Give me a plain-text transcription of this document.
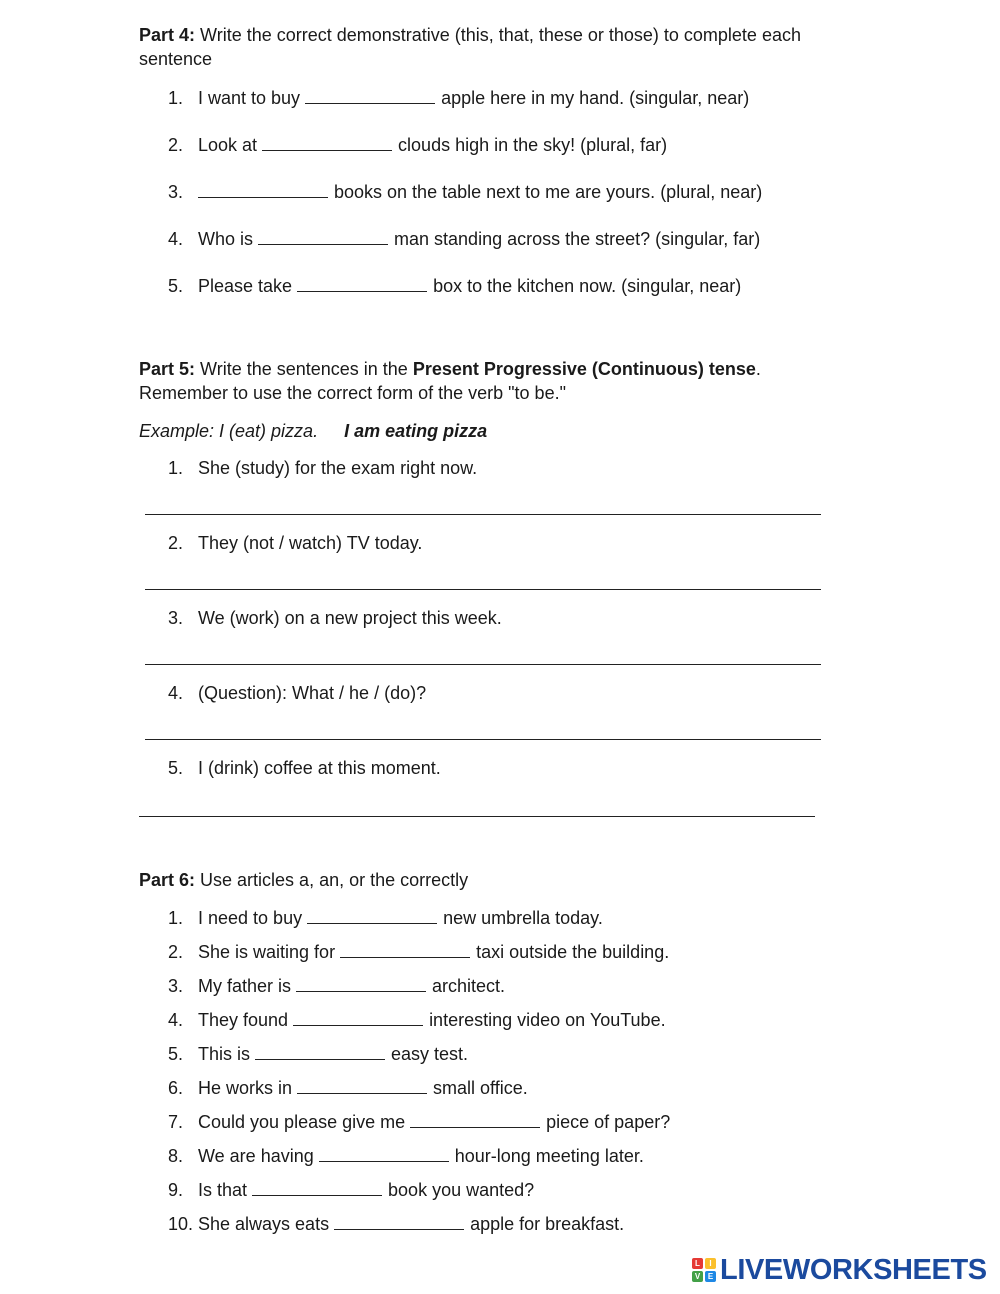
Part 4: Write the correct demonstrative (this, that, these or those) to complete each sentence
1. I want to buy	apple here in my hand. (singular, near)
2. Look at	clouds high in the sky! (plural, far)
3.	books on the table next to me are yours. (plural, near)
4. Who is	man standing across the street? (singular, far)
5. Please take	box to the kitchen now. (singular, near)
Part 5: Write the sentences in the Present Progressive (Continuous) tense. Remember to use the correct form of the verb "to be."
Example: I (eat) pizza. I am eating pizza
1. She (study) for the exam right now.
2. They (not / watch) TV today.
3. We (work) on a new project this week.
4. (Question): What / he / (do)?
5. I (drink) coffee at this moment.
Part 6: Use articles a, an, or the correctly
1. I need to buy	new umbrella today.
2. She is waiting for	taxi outside the building.
3. My father is	architect.
4. They found	interesting video on YouTube.
5. This is	easy test.
6. He works in	small office.
7. Could you please give me	piece of paper?
8. We are having	hour-long meeting later.
9. Is that	book you wanted?
10. She always eats	apple for breakfast.
L	I
V E LIVEWORKSHEETS
